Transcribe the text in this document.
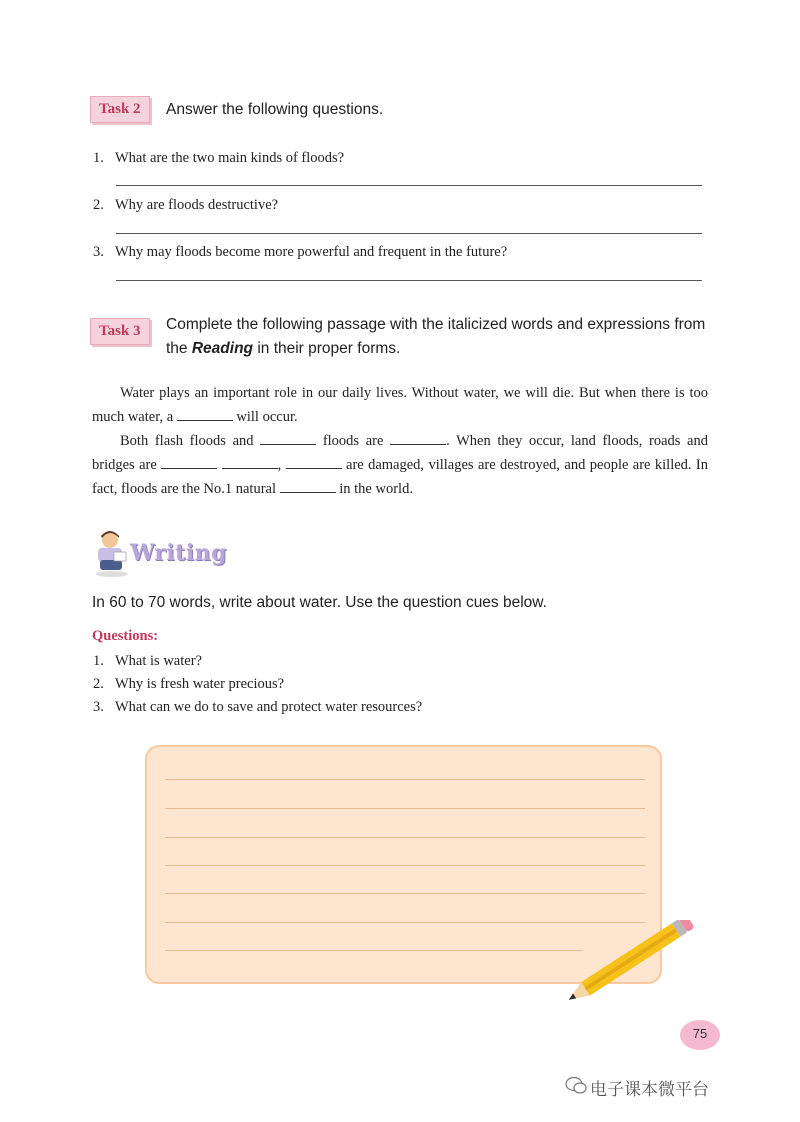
Task 2	Answer the following questions.
1. What are the two main kinds of floods?
2. Why are floods destructive?
3. Why may floods become more powerful and frequent in the future?
Task 3	Complete the following passage with the italicized words and expressions from the Reading in their proper forms.
Water plays an important role in our daily lives. Without water, we will die. But when there is too much water, a	will occur.
Both flash floods and	floods are	. When they occur, land floods, roads and bridges are	,	are damaged, villages are destroyed, and people are killed. In fact, floods are the No.1 natural	in the world.
Writing
In 60 to 70 words, write about water. Use the question cues below.
Questions:
1. What is water?
2. Why is fresh water precious?
3. What can we do to save and protect water resources?
75
电子课本微平台
